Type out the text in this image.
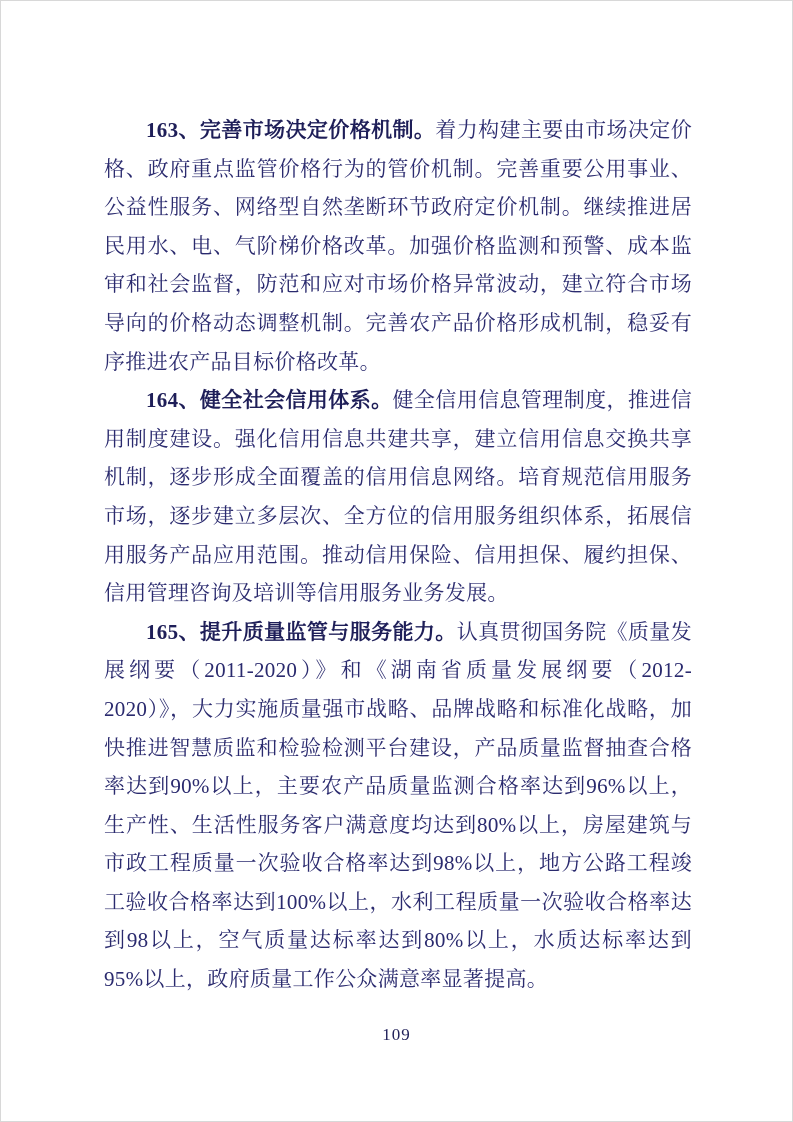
163、完善市场决定价格机制。着力构建主要由市场决定价格、政府重点监管价格行为的管价机制。完善重要公用事业、公益性服务、网络型自然垄断环节政府定价机制。继续推进居民用水、电、气阶梯价格改革。加强价格监测和预警、成本监审和社会监督，防范和应对市场价格异常波动，建立符合市场导向的价格动态调整机制。完善农产品价格形成机制，稳妥有序推进农产品目标价格改革。

164、健全社会信用体系。健全信用信息管理制度，推进信用制度建设。强化信用信息共建共享，建立信用信息交换共享机制，逐步形成全面覆盖的信用信息网络。培育规范信用服务市场，逐步建立多层次、全方位的信用服务组织体系，拓展信用服务产品应用范围。推动信用保险、信用担保、履约担保、信用管理咨询及培训等信用服务业务发展。

165、提升质量监管与服务能力。认真贯彻国务院《质量发展纲要（2011-2020）》和《湖南省质量发展纲要（2012-2020）》，大力实施质量强市战略、品牌战略和标准化战略，加快推进智慧质监和检验检测平台建设，产品质量监督抽查合格率达到90%以上，主要农产品质量监测合格率达到96%以上，生产性、生活性服务客户满意度均达到80%以上，房屋建筑与市政工程质量一次验收合格率达到98%以上，地方公路工程竣工验收合格率达到100%以上，水利工程质量一次验收合格率达到98以上，空气质量达标率达到80%以上，水质达标率达到95%以上，政府质量工作公众满意率显著提高。

109
